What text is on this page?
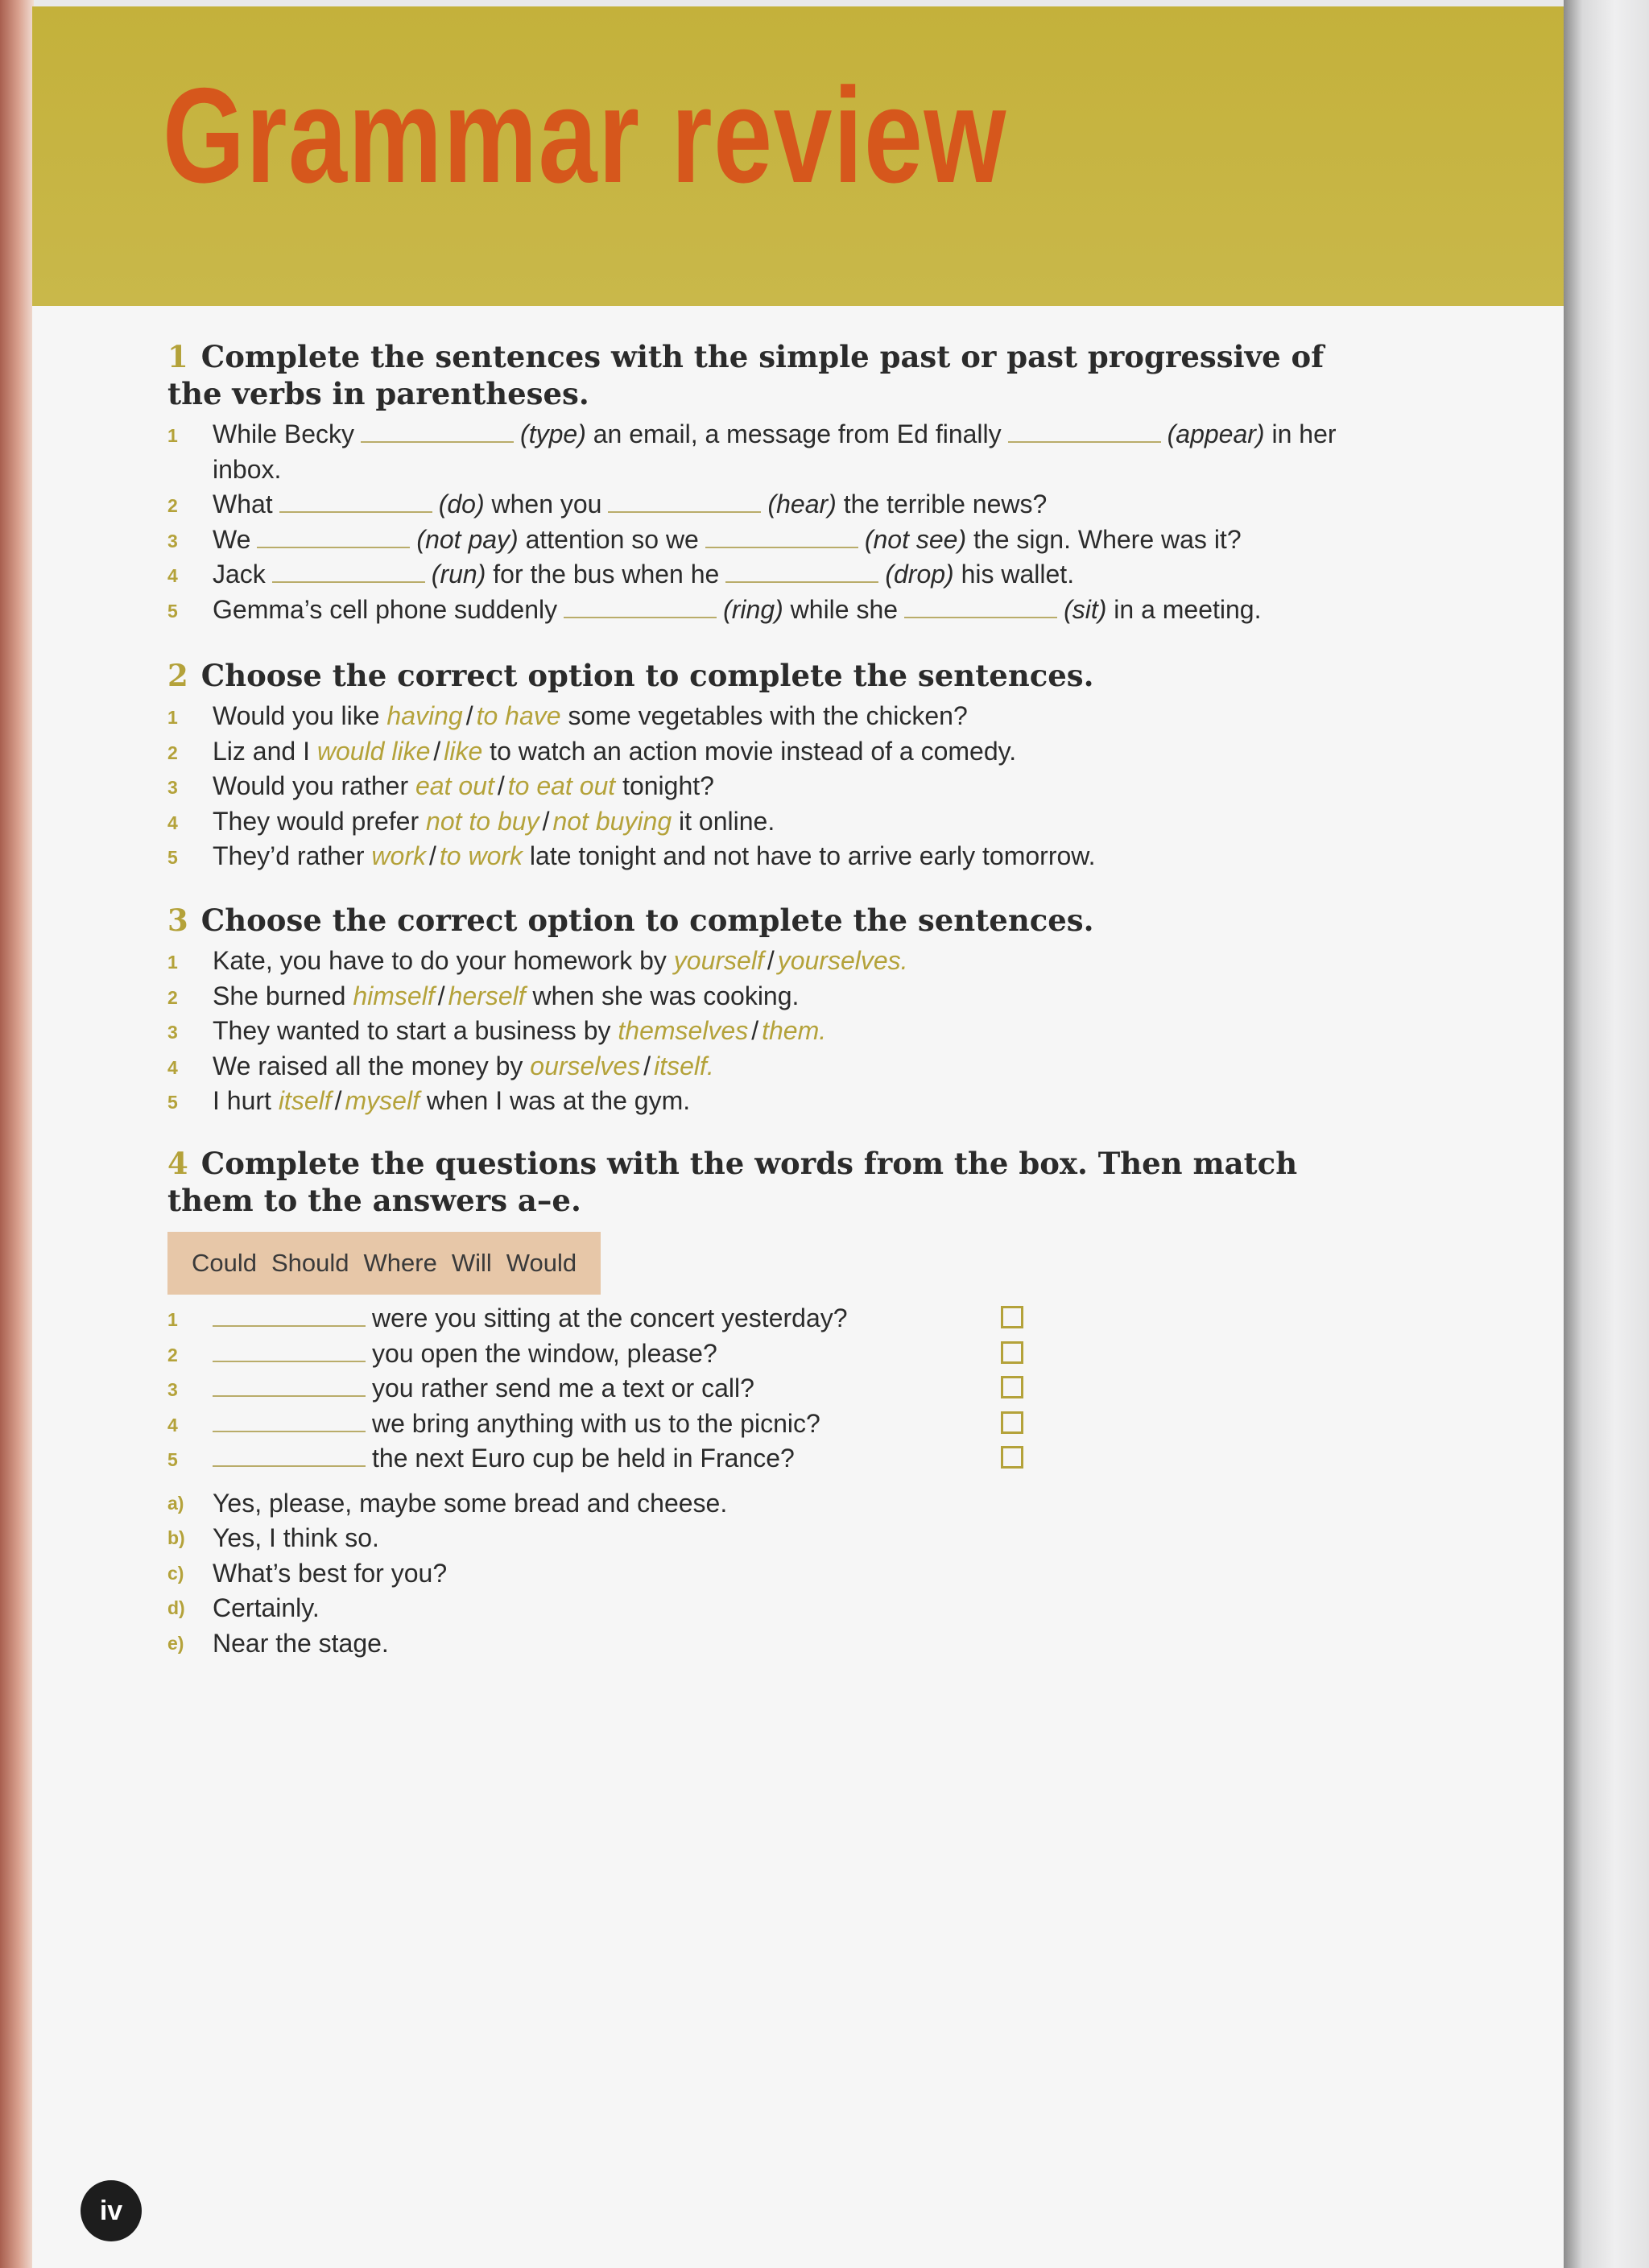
Grammar review

1 Complete the sentences with the simple past or past progressive of the verbs in parentheses.

1 While Becky	(type) an email, a message from Ed finally	(appear) in her inbox.
2 What	(do) when you	(hear) the terrible news?
3 We	(not pay) attention so we	(not see) the sign. Where was it?
4 Jack	(run) for the bus when he	(drop) his wallet.
5 Gemma’s cell phone suddenly	(ring) while she	(sit) in a meeting.

2 Choose the correct option to complete the sentences.

1 Would you like having / to have some vegetables with the chicken?
2 Liz and I would like / like to watch an action movie instead of a comedy.
3 Would you rather eat out / to eat out tonight?
4 They would prefer not to buy / not buying it online.
5 They’d rather work / to work late tonight and not have to arrive early tomorrow.

3 Choose the correct option to complete the sentences.

1 Kate, you have to do your homework by yourself / yourselves.
2 She burned himself / herself when she was cooking.
3 They wanted to start a business by themselves / them.
4 We raised all the money by ourselves / itself.
5 I hurt itself / myself when I was at the gym.

4 Complete the questions with the words from the box. Then match them to the answers a–e.

Could Should Where Will Would
1	were you sitting at the concert yesterday?
2	you open the window, please?
3	you rather send me a text or call?
4	we bring anything with us to the picnic?
5	the next Euro cup be held in France?
a) Yes, please, maybe some bread and cheese.
b) Yes, I think so.
c) What’s best for you?
d) Certainly.
e) Near the stage.
iv
